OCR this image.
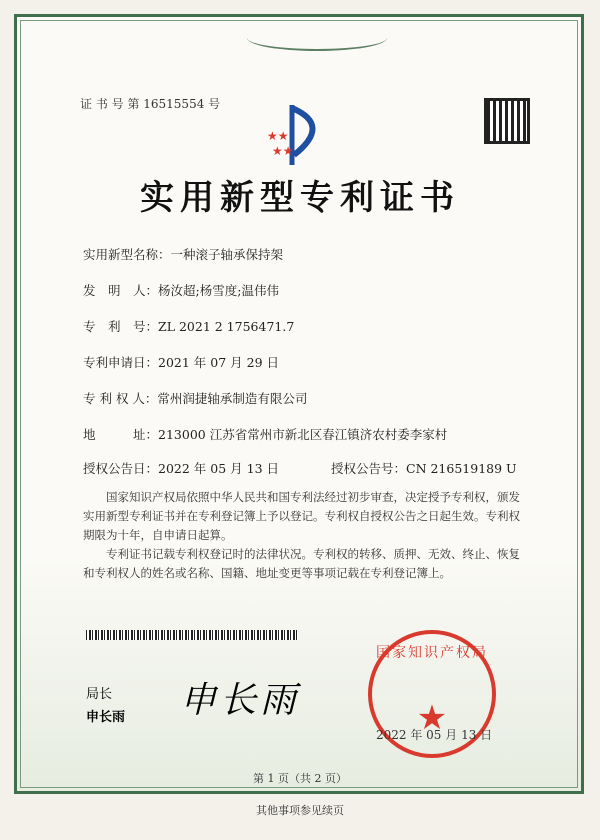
证 书 号 第 16515554 号
★★
★★
实用新型专利证书
实用新型名称：一种滚子轴承保持架
发　明　人：杨汝超;杨雪度;温伟伟
专　利　号：ZL 2021 2 1756471.7
专利申请日：2021 年 07 月 29 日
专 利 权 人：常州润捷轴承制造有限公司
地　　　址：213000 江苏省常州市新北区春江镇济农村委李家村
授权公告日：2022 年 05 月 13 日	授权公告号：CN 216519189 U
国家知识产权局依照中华人民共和国专利法经过初步审查，决定授予专利权，颁发实用新型专利证书并在专利登记簿上予以登记。专利权自授权公告之日起生效。专利权期限为十年，自申请日起算。
专利证书记载专利权登记时的法律状况。专利权的转移、质押、无效、终止、恢复和专利权人的姓名或名称、国籍、地址变更等事项记载在专利登记簿上。
局长
申长雨 申长雨
国家知识产权局
★
2022 年 05 月 13 日
第 1 页（共 2 页）
其他事项参见续页
